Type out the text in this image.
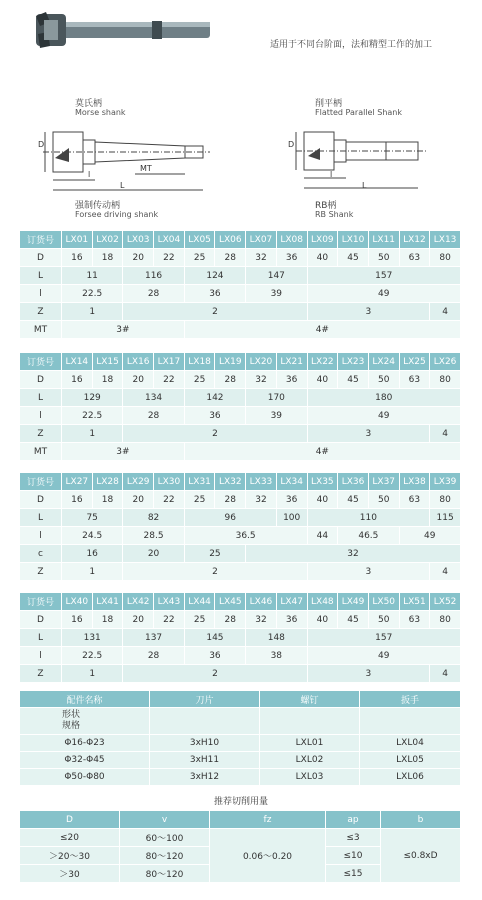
适用于不同台阶面，法和精型工作的加工
莫氏柄
Morse shank
D
MT
l
L
削平柄
Flatted Parallel Shank
D
l
L
强制传动柄
Forsee driving shank
RB柄
RB Shank
订货号	LX01	LX02	LX03	LX04	LX05	LX06	LX07	LX08	LX09	LX10	LX11	LX12	LX13
D	16	18	20	22	25	28	32	36	40	45	50	63	80
L	11		116		124		147		157				
l	22.5		28		36		39		49				
Z	1		2						3				4
MT	3#				4#								
订货号	LX14	LX15	LX16	LX17	LX18	LX19	LX20	LX21	LX22	LX23	LX24	LX25	LX26
D	16	18	20	22	25	28	32	36	40	45	50	63	80
L	129		134		142		170		180				
l	22.5		28		36		39		49				
Z	1		2						3				4
MT	3#				4#								
订货号	LX27	LX28	LX29	LX30	LX31	LX32	LX33	LX34	LX35	LX36	LX37	LX38	LX39
D	16	18	20	22	25	28	32	36	40	45	50	63	80
L	75		82		96			100	110				115
l	24.5		28.5		36.5				44	46.5		49	
c	16		20		25		32						
Z	1		2						3				4
订货号	LX40	LX41	LX42	LX43	LX44	LX45	LX46	LX47	LX48	LX49	LX50	LX51	LX52
D	16	18	20	22	25	28	32	36	40	45	50	63	80
L	131		137		145		148		157				
l	22.5		28		36		38		49				
Z	1		2						3				4
配件名称	刀片	螺钉	扳手

形状
规格			

Φ16-Φ23	3xH10	LXL01	LXL04
Φ32-Φ45	3xH11	LXL02	LXL05
Φ50-Φ80	3xH12	LXL03	LXL06
推荐切削用量
D	v	fz	ap	b
≤20	60～100	0.06～0.20	≤3	≤0.8xD
＞20～30	80～120		≤10	
＞30	80～120		≤15	
